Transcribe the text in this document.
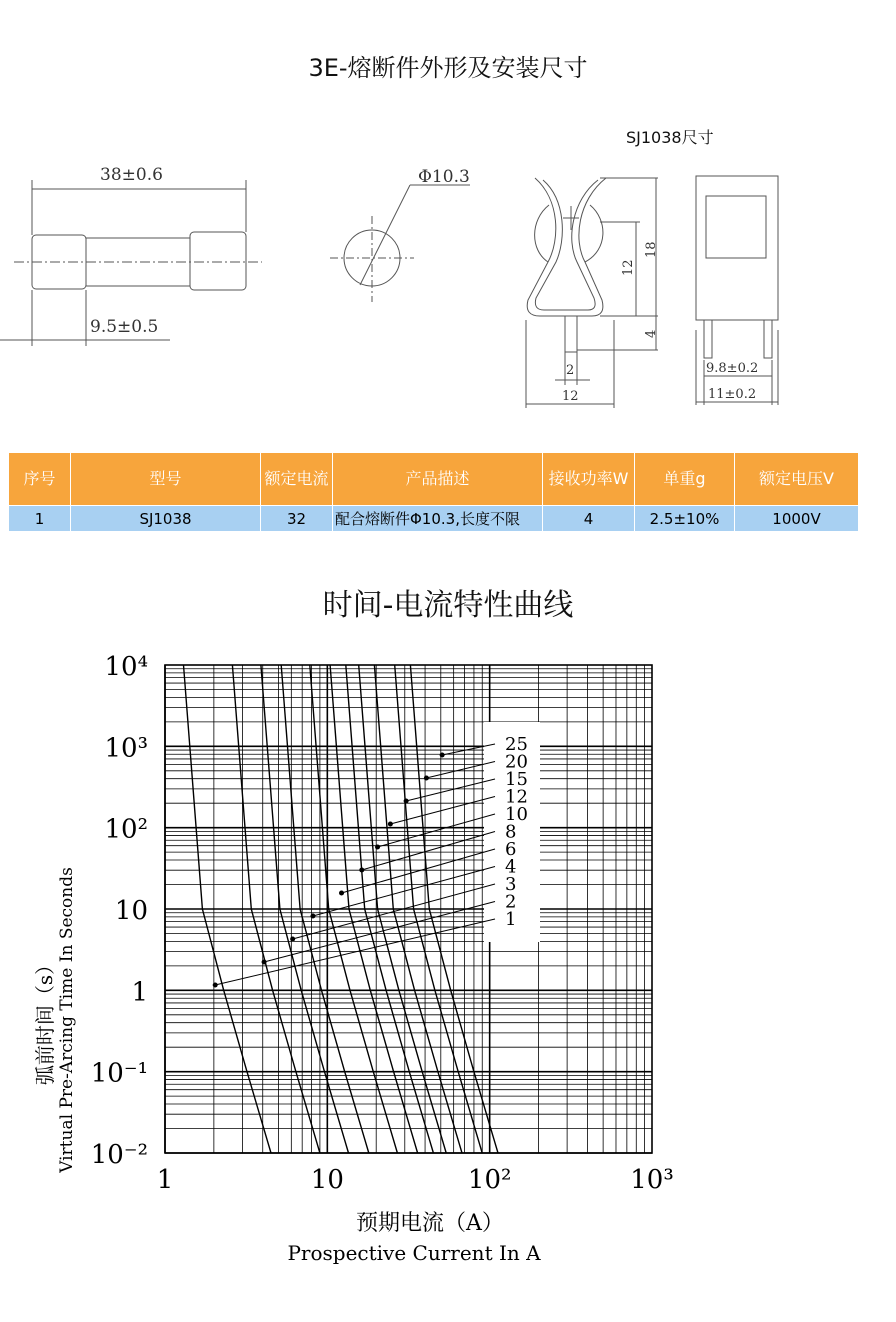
3E-熔断件外形及安装尺寸
SJ1038尺寸
38±0.6
9.5±0.5
Φ10.3
18
12
4
2
12
9.8±0.2
11±0.2
序号	型号	额定电流	产品描述	接收功率W	单重g	额定电压V
1	SJ1038	32	配合熔断件Φ10.3,长度不限	4	2.5±10%	1000V
时间-电流特性曲线
弧前时间（s） Virtual Pre-Arcing Time In Seconds
预期电流（A）
Prospective Current In A
1
2
3
4
6
8
10
12
15
20
25
1	10	10²	10³
10⁻²
10⁻¹
1
10
10²
10³
10⁴
